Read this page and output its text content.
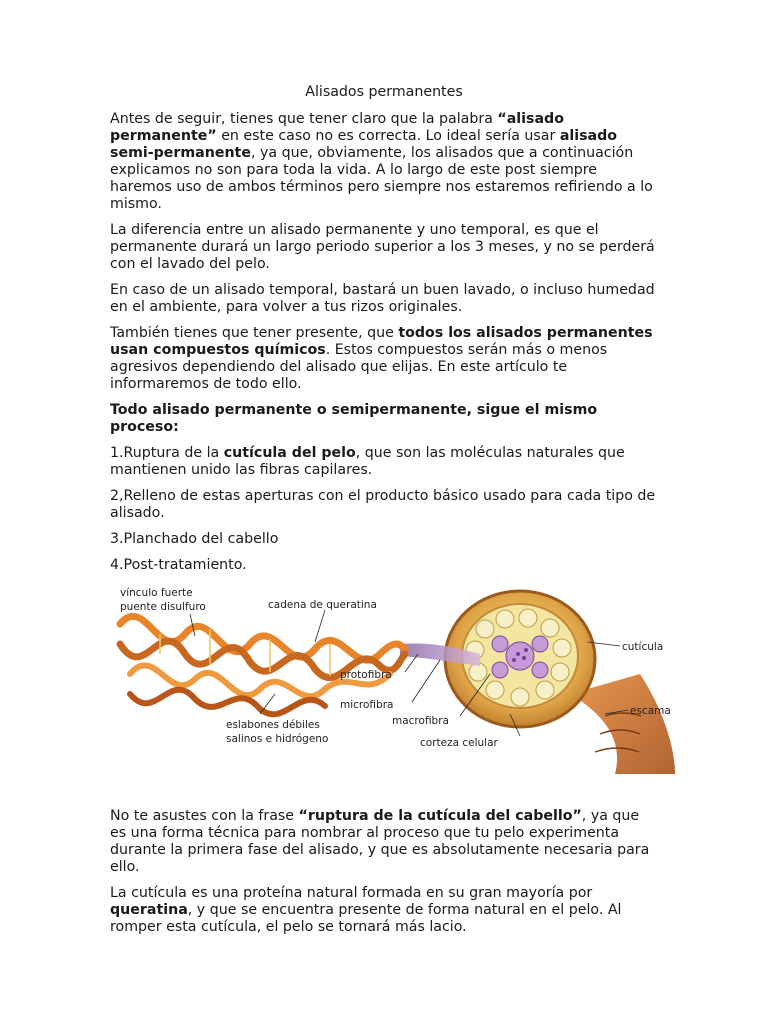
Alisados permanentes

Antes de seguir, tienes que tener claro que la palabra “alisado permanente” en este caso no es correcta. Lo ideal sería usar alisado semi-permanente, ya que, obviamente, los alisados que a continuación explicamos no son para toda la vida. A lo largo de este post siempre haremos uso de ambos términos pero siempre nos estaremos refiriendo a lo mismo.

La diferencia entre un alisado permanente y uno temporal, es que el permanente durará un largo periodo superior a los 3 meses, y no se perderá con el lavado del pelo.

En caso de un alisado temporal, bastará un buen lavado, o incluso humedad en el ambiente, para volver a tus rizos originales.

También tienes que tener presente, que todos los alisados permanentes usan compuestos químicos. Estos compuestos serán más o menos agresivos dependiendo del alisado que elijas. En este artículo te informaremos de todo ello.

Todo alisado permanente o semipermanente, sigue el mismo proceso:

1.Ruptura de la cutícula del pelo, que son las moléculas naturales que mantienen unido las fibras capilares.

2,Relleno de estas aperturas con el producto básico usado para cada tipo de alisado.

3.Planchado del cabello

4.Post-tratamiento.

vínculo fuerte
puente disulfuro	cadena de queratina
protofibra
microfibra
macrofibra
eslabones débiles
salinos e hidrógeno	corteza celular
cutícula
escama

No te asustes con la frase “ruptura de la cutícula del cabello”, ya que es una forma técnica para nombrar al proceso que tu pelo experimenta durante la primera fase del alisado, y que es absolutamente necesaria para ello.

La cutícula es una proteína natural formada en su gran mayoría por queratina, y que se encuentra presente de forma natural en el pelo. Al romper esta cutícula, el pelo se tornará más lacio.
